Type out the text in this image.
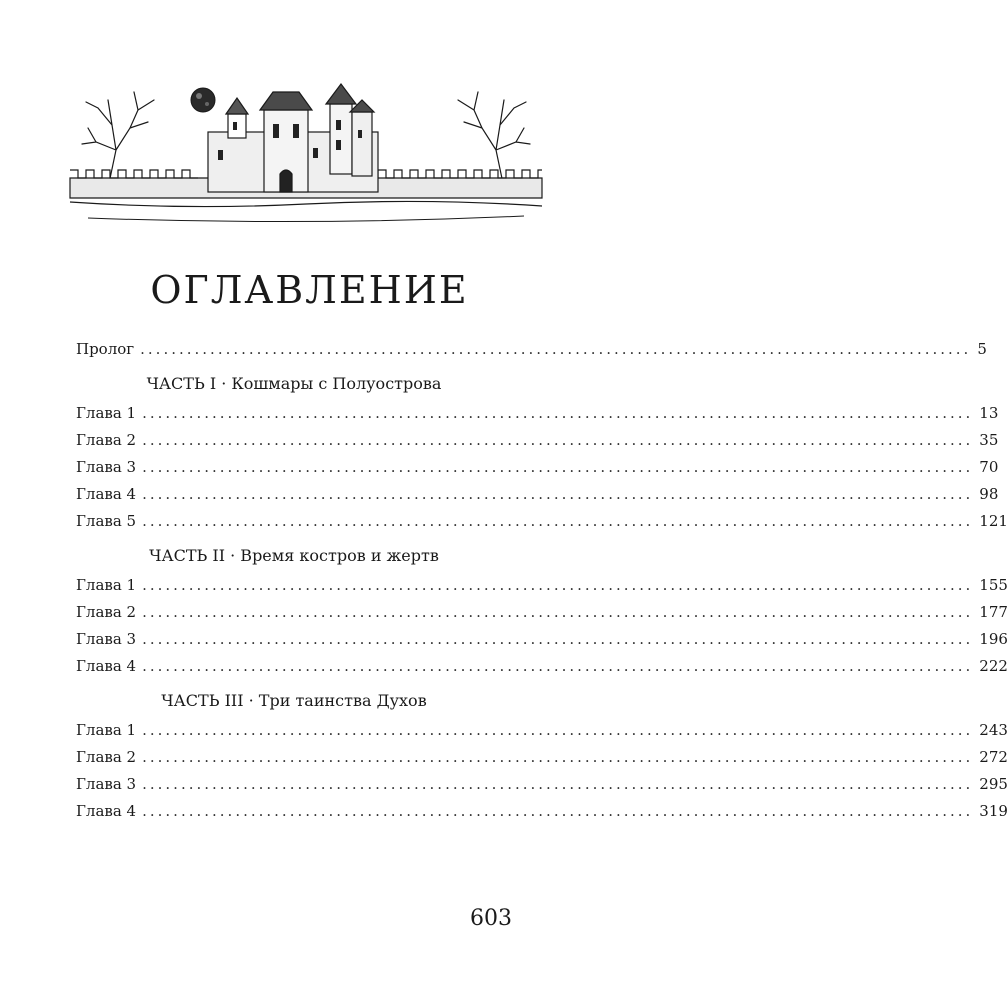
ОГЛАВЛЕНИЕ
Пролог ........................................................................................................... 5
ЧАСТЬ I · Кошмары с Полуострова
Глава 1 ........................................................................................................... 13
Глава 2 ........................................................................................................... 35
Глава 3 ........................................................................................................... 70
Глава 4 ........................................................................................................... 98
Глава 5 ........................................................................................................... 121
ЧАСТЬ II · Время костров и жертв
Глава 1 ........................................................................................................... 155
Глава 2 ........................................................................................................... 177
Глава 3 ........................................................................................................... 196
Глава 4 ........................................................................................................... 222
ЧАСТЬ III · Три таинства Духов
Глава 1 ........................................................................................................... 243
Глава 2 ........................................................................................................... 272
Глава 3 ........................................................................................................... 295
Глава 4 ........................................................................................................... 319
603
